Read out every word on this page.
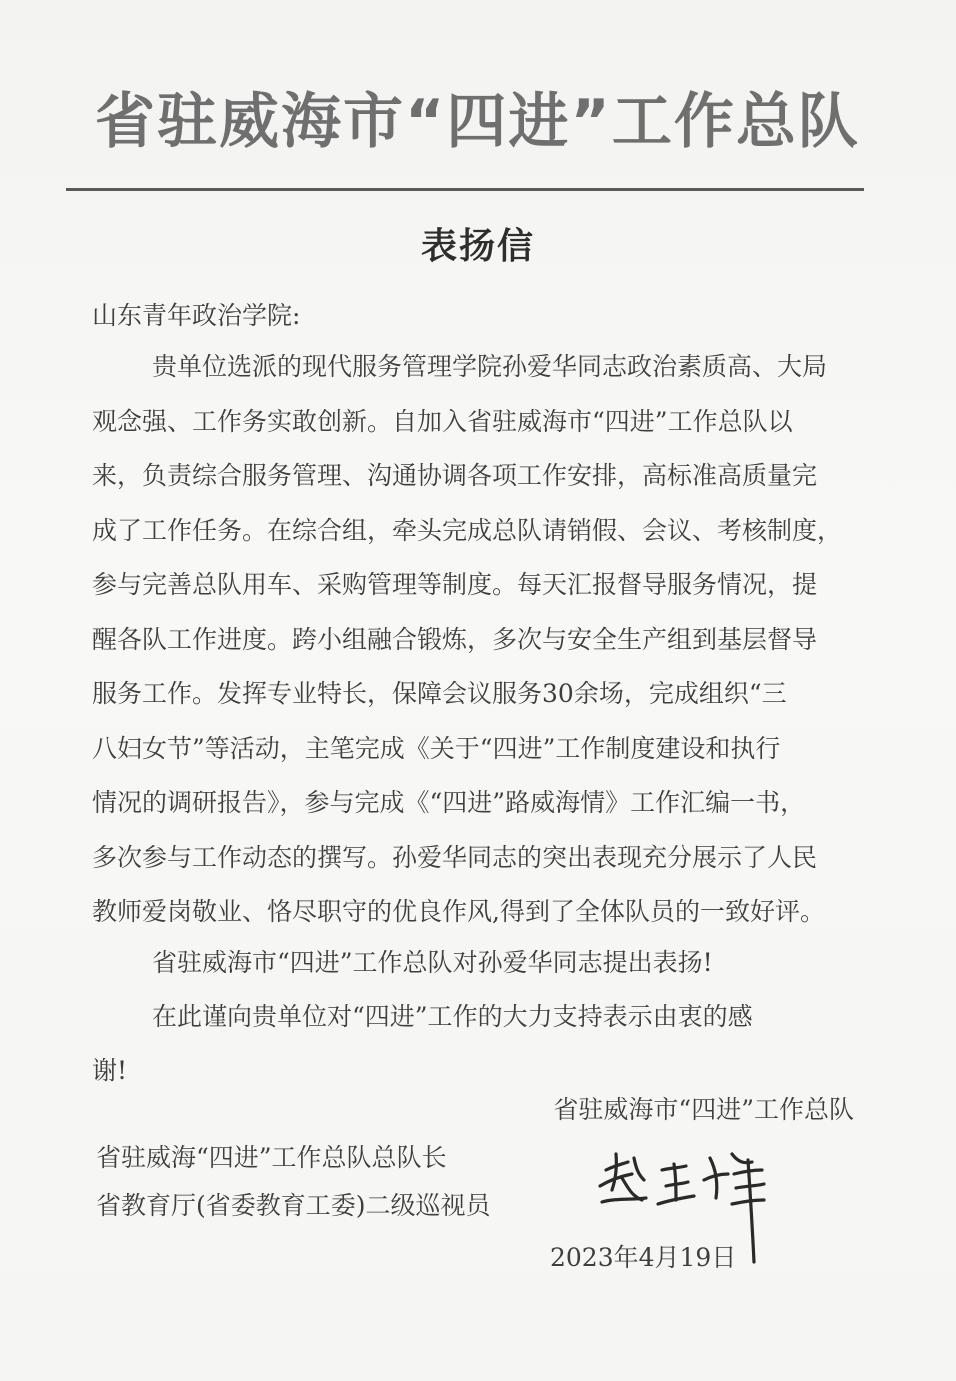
省驻威海市“四进”工作总队
表扬信
山东青年政治学院:
贵单位选派的现代服务管理学院孙爱华同志政治素质高、大局
观念强、工作务实敢创新。自加入省驻威海市“四进”工作总队以
来，负责综合服务管理、沟通协调各项工作安排，高标准高质量完
成了工作任务。在综合组，牵头完成总队请销假、会议、考核制度，
参与完善总队用车、采购管理等制度。每天汇报督导服务情况，提
醒各队工作进度。跨小组融合锻炼，多次与安全生产组到基层督导
服务工作。发挥专业特长，保障会议服务30余场，完成组织“三
八妇女节”等活动，主笔完成《关于“四进”工作制度建设和执行
情况的调研报告》，参与完成《“四进”路威海情》工作汇编一书，
多次参与工作动态的撰写。孙爱华同志的突出表现充分展示了人民
教师爱岗敬业、恪尽职守的优良作风,得到了全体队员的一致好评。
省驻威海市“四进”工作总队对孙爱华同志提出表扬!
在此谨向贵单位对“四进”工作的大力支持表示由衷的感
谢!
省驻威海市“四进”工作总队
省驻威海“四进”工作总队总队长
省教育厅(省委教育工委)二级巡视员
2023年4月19日
